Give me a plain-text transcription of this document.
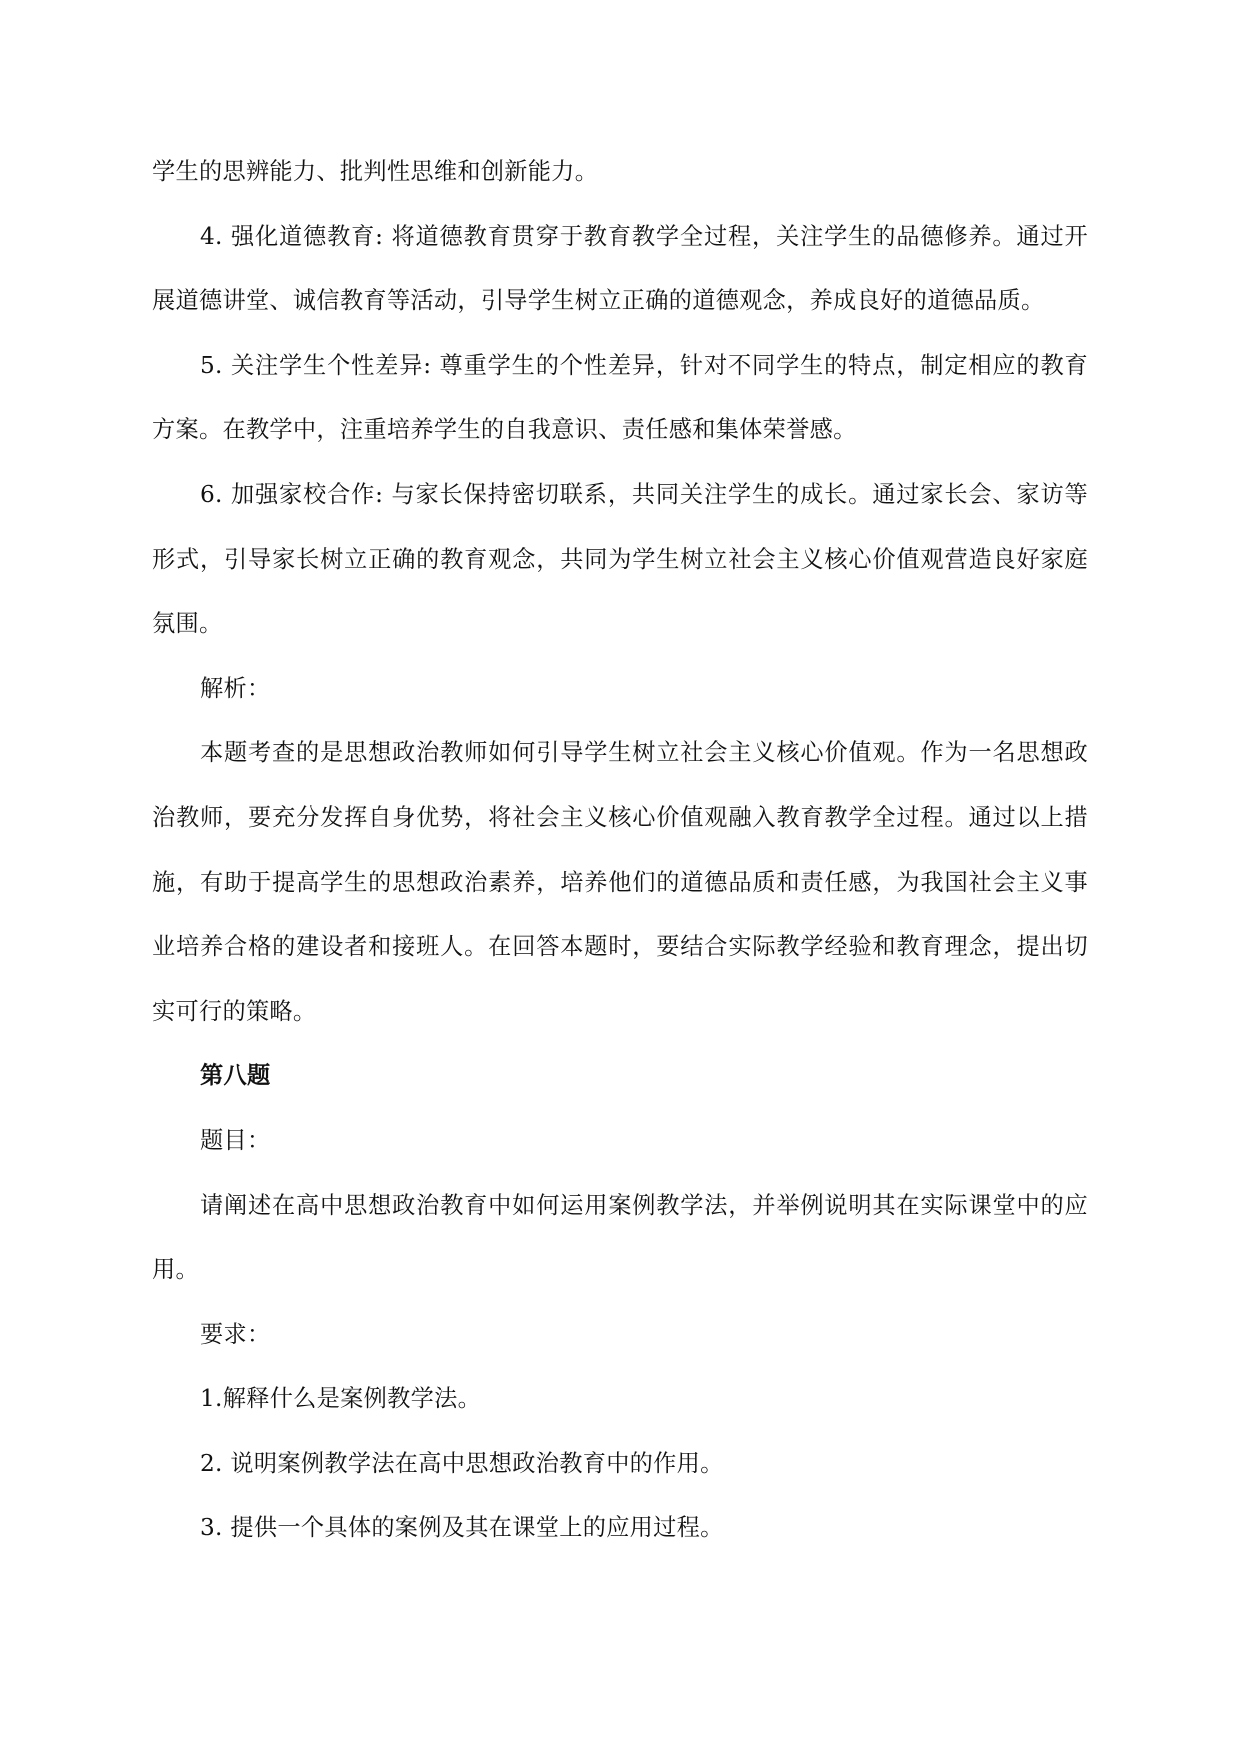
学生的思辨能力、批判性思维和创新能力。

4. 强化道德教育: 将道德教育贯穿于教育教学全过程，关注学生的品德修养。通过开展道德讲堂、诚信教育等活动，引导学生树立正确的道德观念，养成良好的道德品质。

5. 关注学生个性差异: 尊重学生的个性差异，针对不同学生的特点，制定相应的教育方案。在教学中，注重培养学生的自我意识、责任感和集体荣誉感。

6. 加强家校合作: 与家长保持密切联系，共同关注学生的成长。通过家长会、家访等形式，引导家长树立正确的教育观念，共同为学生树立社会主义核心价值观营造良好家庭氛围。

解析：

本题考查的是思想政治教师如何引导学生树立社会主义核心价值观。作为一名思想政治教师，要充分发挥自身优势，将社会主义核心价值观融入教育教学全过程。通过以上措施，有助于提高学生的思想政治素养，培养他们的道德品质和责任感，为我国社会主义事业培养合格的建设者和接班人。在回答本题时，要结合实际教学经验和教育理念，提出切实可行的策略。

第八题

题目：

请阐述在高中思想政治教育中如何运用案例教学法，并举例说明其在实际课堂中的应用。

要求：

1.解释什么是案例教学法。

2. 说明案例教学法在高中思想政治教育中的作用。

3. 提供一个具体的案例及其在课堂上的应用过程。
